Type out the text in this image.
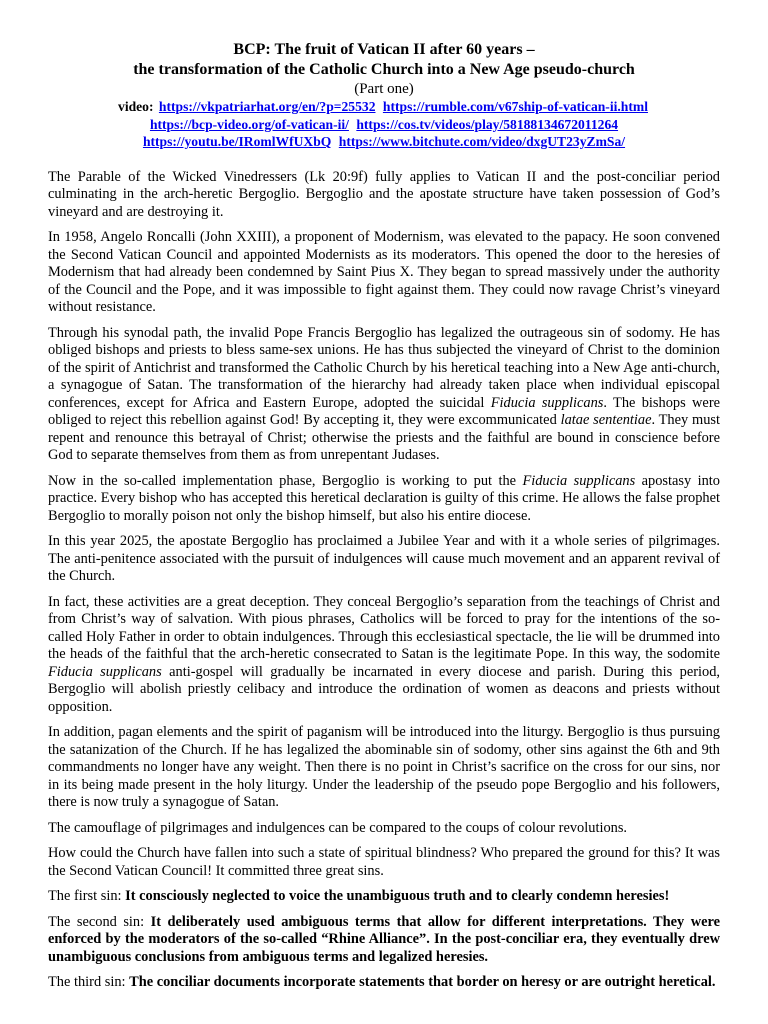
BCP: The fruit of Vatican II after 60 years –
the transformation of the Catholic Church into a New Age pseudo-church

(Part one)

video: https://vkpatriarhat.org/en/?p=25532 https://rumble.com/v67ship-of-vatican-ii.html
https://bcp-video.org/of-vatican-ii/ https://cos.tv/videos/play/58188134672011264
https://youtu.be/IRomlWfUXbQ https://www.bitchute.com/video/dxgUT23yZmSa/

The Parable of the Wicked Vinedressers (Lk 20:9f) fully applies to Vatican II and the post-conciliar period culminating in the arch-heretic Bergoglio. Bergoglio and the apostate structure have taken possession of God’s vineyard and are destroying it.

In 1958, Angelo Roncalli (John XXIII), a proponent of Modernism, was elevated to the papacy. He soon convened the Second Vatican Council and appointed Modernists as its moderators. This opened the door to the heresies of Modernism that had already been condemned by Saint Pius X. They began to spread massively under the authority of the Council and the Pope, and it was impossible to fight against them. They could now ravage Christ’s vineyard without resistance.

Through his synodal path, the invalid Pope Francis Bergoglio has legalized the outrageous sin of sodomy. He has obliged bishops and priests to bless same-sex unions. He has thus subjected the vineyard of Christ to the dominion of the spirit of Antichrist and transformed the Catholic Church by his heretical teaching into a New Age anti-church, a synagogue of Satan. The transformation of the hierarchy had already taken place when individual episcopal conferences, except for Africa and Eastern Europe, adopted the suicidal Fiducia supplicans. The bishops were obliged to reject this rebellion against God! By accepting it, they were excommunicated latae sententiae. They must repent and renounce this betrayal of Christ; otherwise the priests and the faithful are bound in conscience before God to separate themselves from them as from unrepentant Judases.

Now in the so-called implementation phase, Bergoglio is working to put the Fiducia supplicans apostasy into practice. Every bishop who has accepted this heretical declaration is guilty of this crime. He allows the false prophet Bergoglio to morally poison not only the bishop himself, but also his entire diocese.

In this year 2025, the apostate Bergoglio has proclaimed a Jubilee Year and with it a whole series of pilgrimages. The anti-penitence associated with the pursuit of indulgences will cause much movement and an apparent revival of the Church.

In fact, these activities are a great deception. They conceal Bergoglio’s separation from the teachings of Christ and from Christ’s way of salvation. With pious phrases, Catholics will be forced to pray for the intentions of the so-called Holy Father in order to obtain indulgences. Through this ecclesiastical spectacle, the lie will be drummed into the heads of the faithful that the arch-heretic consecrated to Satan is the legitimate Pope. In this way, the sodomite Fiducia supplicans anti-gospel will gradually be incarnated in every diocese and parish. During this period, Bergoglio will abolish priestly celibacy and introduce the ordination of women as deacons and priests without opposition.

In addition, pagan elements and the spirit of paganism will be introduced into the liturgy. Bergoglio is thus pursuing the satanization of the Church. If he has legalized the abominable sin of sodomy, other sins against the 6th and 9th commandments no longer have any weight. Then there is no point in Christ’s sacrifice on the cross for our sins, nor in its being made present in the holy liturgy. Under the leadership of the pseudo pope Bergoglio and his followers, there is now truly a synagogue of Satan.

The camouflage of pilgrimages and indulgences can be compared to the coups of colour revolutions.

How could the Church have fallen into such a state of spiritual blindness? Who prepared the ground for this? It was the Second Vatican Council! It committed three great sins.

The first sin: It consciously neglected to voice the unambiguous truth and to clearly condemn heresies!

The second sin: It deliberately used ambiguous terms that allow for different interpretations. They were enforced by the moderators of the so-called “Rhine Alliance”. In the post-conciliar era, they eventually drew unambiguous conclusions from ambiguous terms and legalized heresies.

The third sin: The conciliar documents incorporate statements that border on heresy or are outright heretical.
